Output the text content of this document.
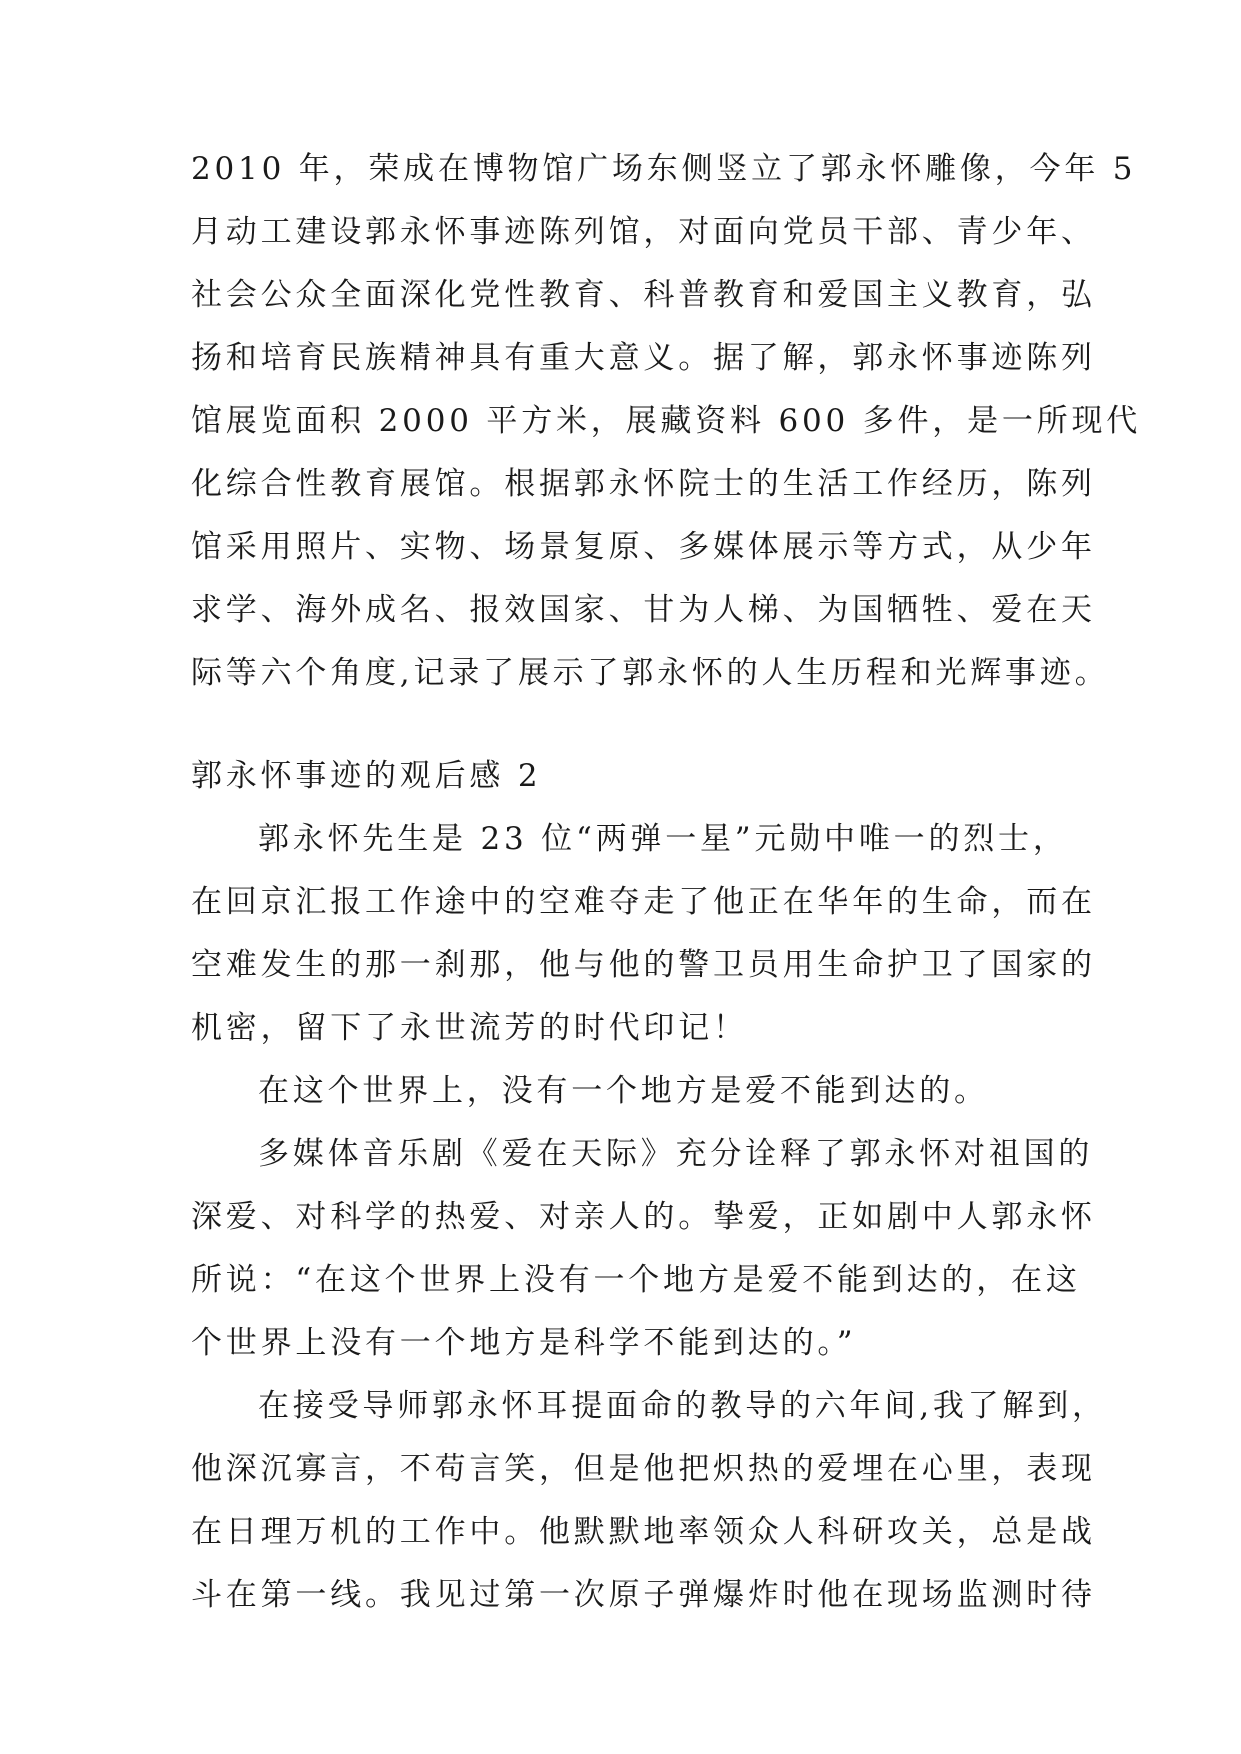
2010 年，荣成在博物馆广场东侧竖立了郭永怀雕像，今年 5
月动工建设郭永怀事迹陈列馆，对面向党员干部、青少年、
社会公众全面深化党性教育、科普教育和爱国主义教育，弘
扬和培育民族精神具有重大意义。据了解，郭永怀事迹陈列
馆展览面积 2000 平方米，展藏资料 600 多件，是一所现代
化综合性教育展馆。根据郭永怀院士的生活工作经历，陈列
馆采用照片、实物、场景复原、多媒体展示等方式，从少年
求学、海外成名、报效国家、甘为人梯、为国牺牲、爱在天
际等六个角度,记录了展示了郭永怀的人生历程和光辉事迹。
郭永怀事迹的观后感 2
郭永怀先生是 23 位“两弹一星”元勋中唯一的烈士，
在回京汇报工作途中的空难夺走了他正在华年的生命，而在
空难发生的那一刹那，他与他的警卫员用生命护卫了国家的
机密，留下了永世流芳的时代印记！
在这个世界上，没有一个地方是爱不能到达的。
多媒体音乐剧《爱在天际》充分诠释了郭永怀对祖国的
深爱、对科学的热爱、对亲人的。挚爱，正如剧中人郭永怀
所说：“在这个世界上没有一个地方是爱不能到达的，在这
个世界上没有一个地方是科学不能到达的。”
在接受导师郭永怀耳提面命的教导的六年间,我了解到，
他深沉寡言，不苟言笑，但是他把炽热的爱埋在心里，表现
在日理万机的工作中。他默默地率领众人科研攻关，总是战
斗在第一线。我见过第一次原子弹爆炸时他在现场监测时待
